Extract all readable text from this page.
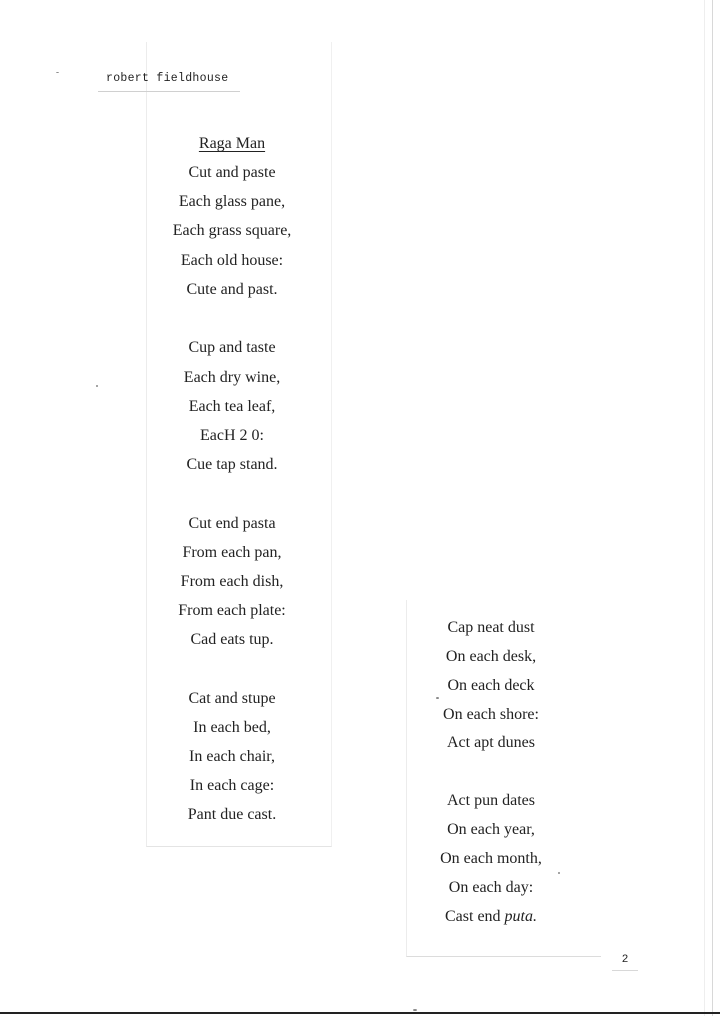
robert fieldhouse
Raga Man
Cut and paste
Each glass pane,
Each grass square,
Each old house:
Cute and past.
Cup and taste
Each dry wine,
Each tea leaf,
EacH 2 0:
Cue tap stand.
Cut end pasta
From each pan,
From each dish,
From each plate:
Cad eats tup.
Cat and stupe
In each bed,
In each chair,
In each cage:
Pant due cast.
Cap neat dust
On each desk,
On each deck
On each shore:
Act apt dunes
Act pun dates
On each year,
On each month,
On each day:
Cast end puta.
2
